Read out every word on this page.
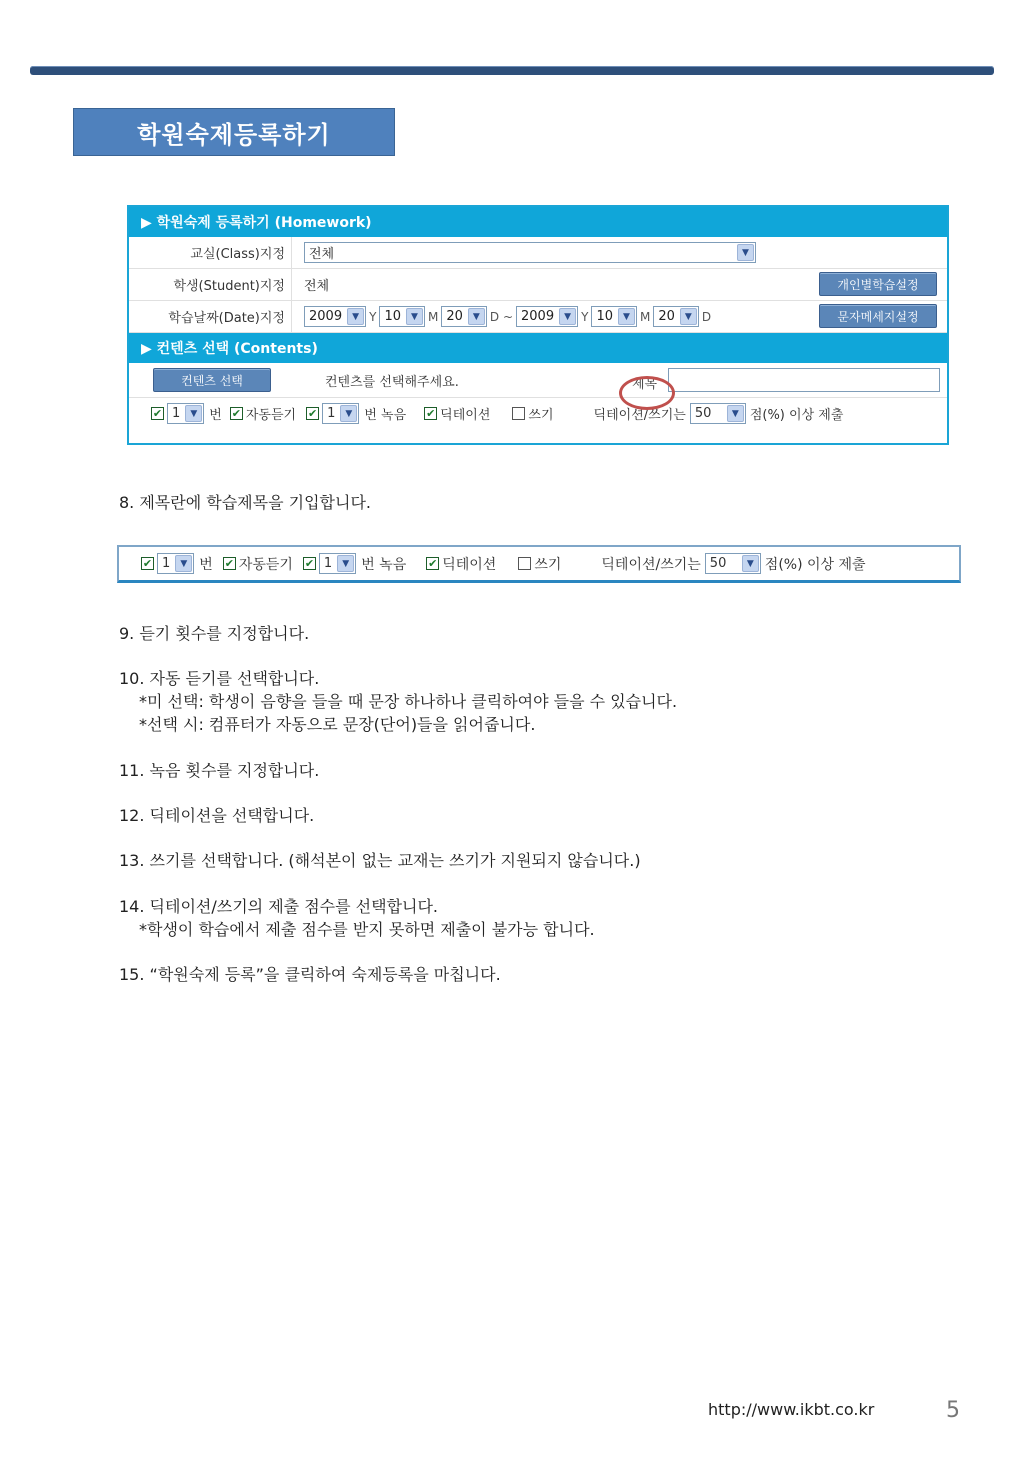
학원숙제등록하기
▶ 학원숙제 등록하기 (Homework)
교실(Class)지정	전체	▼
학생(Student)지정	전체	개인별학습설정
학습날짜(Date)지정	2009	▼ Y 10	▼ M 20	▼ D ~ 2009	▼ Y 10	▼ M 20	▼ D	문자메세지설정
▶ 컨텐츠 선택 (Contents)
컨텐츠 선택	컨텐츠를 선택해주세요.	제목
✔ 1	▼ 번 ✔ 자동듣기 ✔ 1	▼ 번 녹음 ✔ 딕테이션	쓰기	딕테이션/쓰기는 50	▼ 점(%) 이상 제출
8. 제목란에 학습제목을 기입합니다.
✔ 1	▼ 번 ✔ 자동듣기 ✔ 1	▼ 번 녹음 ✔ 딕테이션	쓰기	딕테이션/쓰기는 50	▼ 점(%) 이상 제출
9. 듣기 횟수를 지정합니다.
10. 자동 듣기를 선택합니다.
*미 선택: 학생이 음향을 들을 때 문장 하나하나 클릭하여야 들을 수 있습니다.
*선택 시: 컴퓨터가 자동으로 문장(단어)들을 읽어줍니다.
11. 녹음 횟수를 지정합니다.
12. 딕테이션을 선택합니다.
13. 쓰기를 선택합니다. (해석본이 없는 교재는 쓰기가 지원되지 않습니다.)
14. 딕테이션/쓰기의 제출 점수를 선택합니다.
*학생이 학습에서 제출 점수를 받지 못하면 제출이 불가능 합니다.
15. “학원숙제 등록”을 클릭하여 숙제등록을 마칩니다.
http://www.ikbt.co.kr	5
